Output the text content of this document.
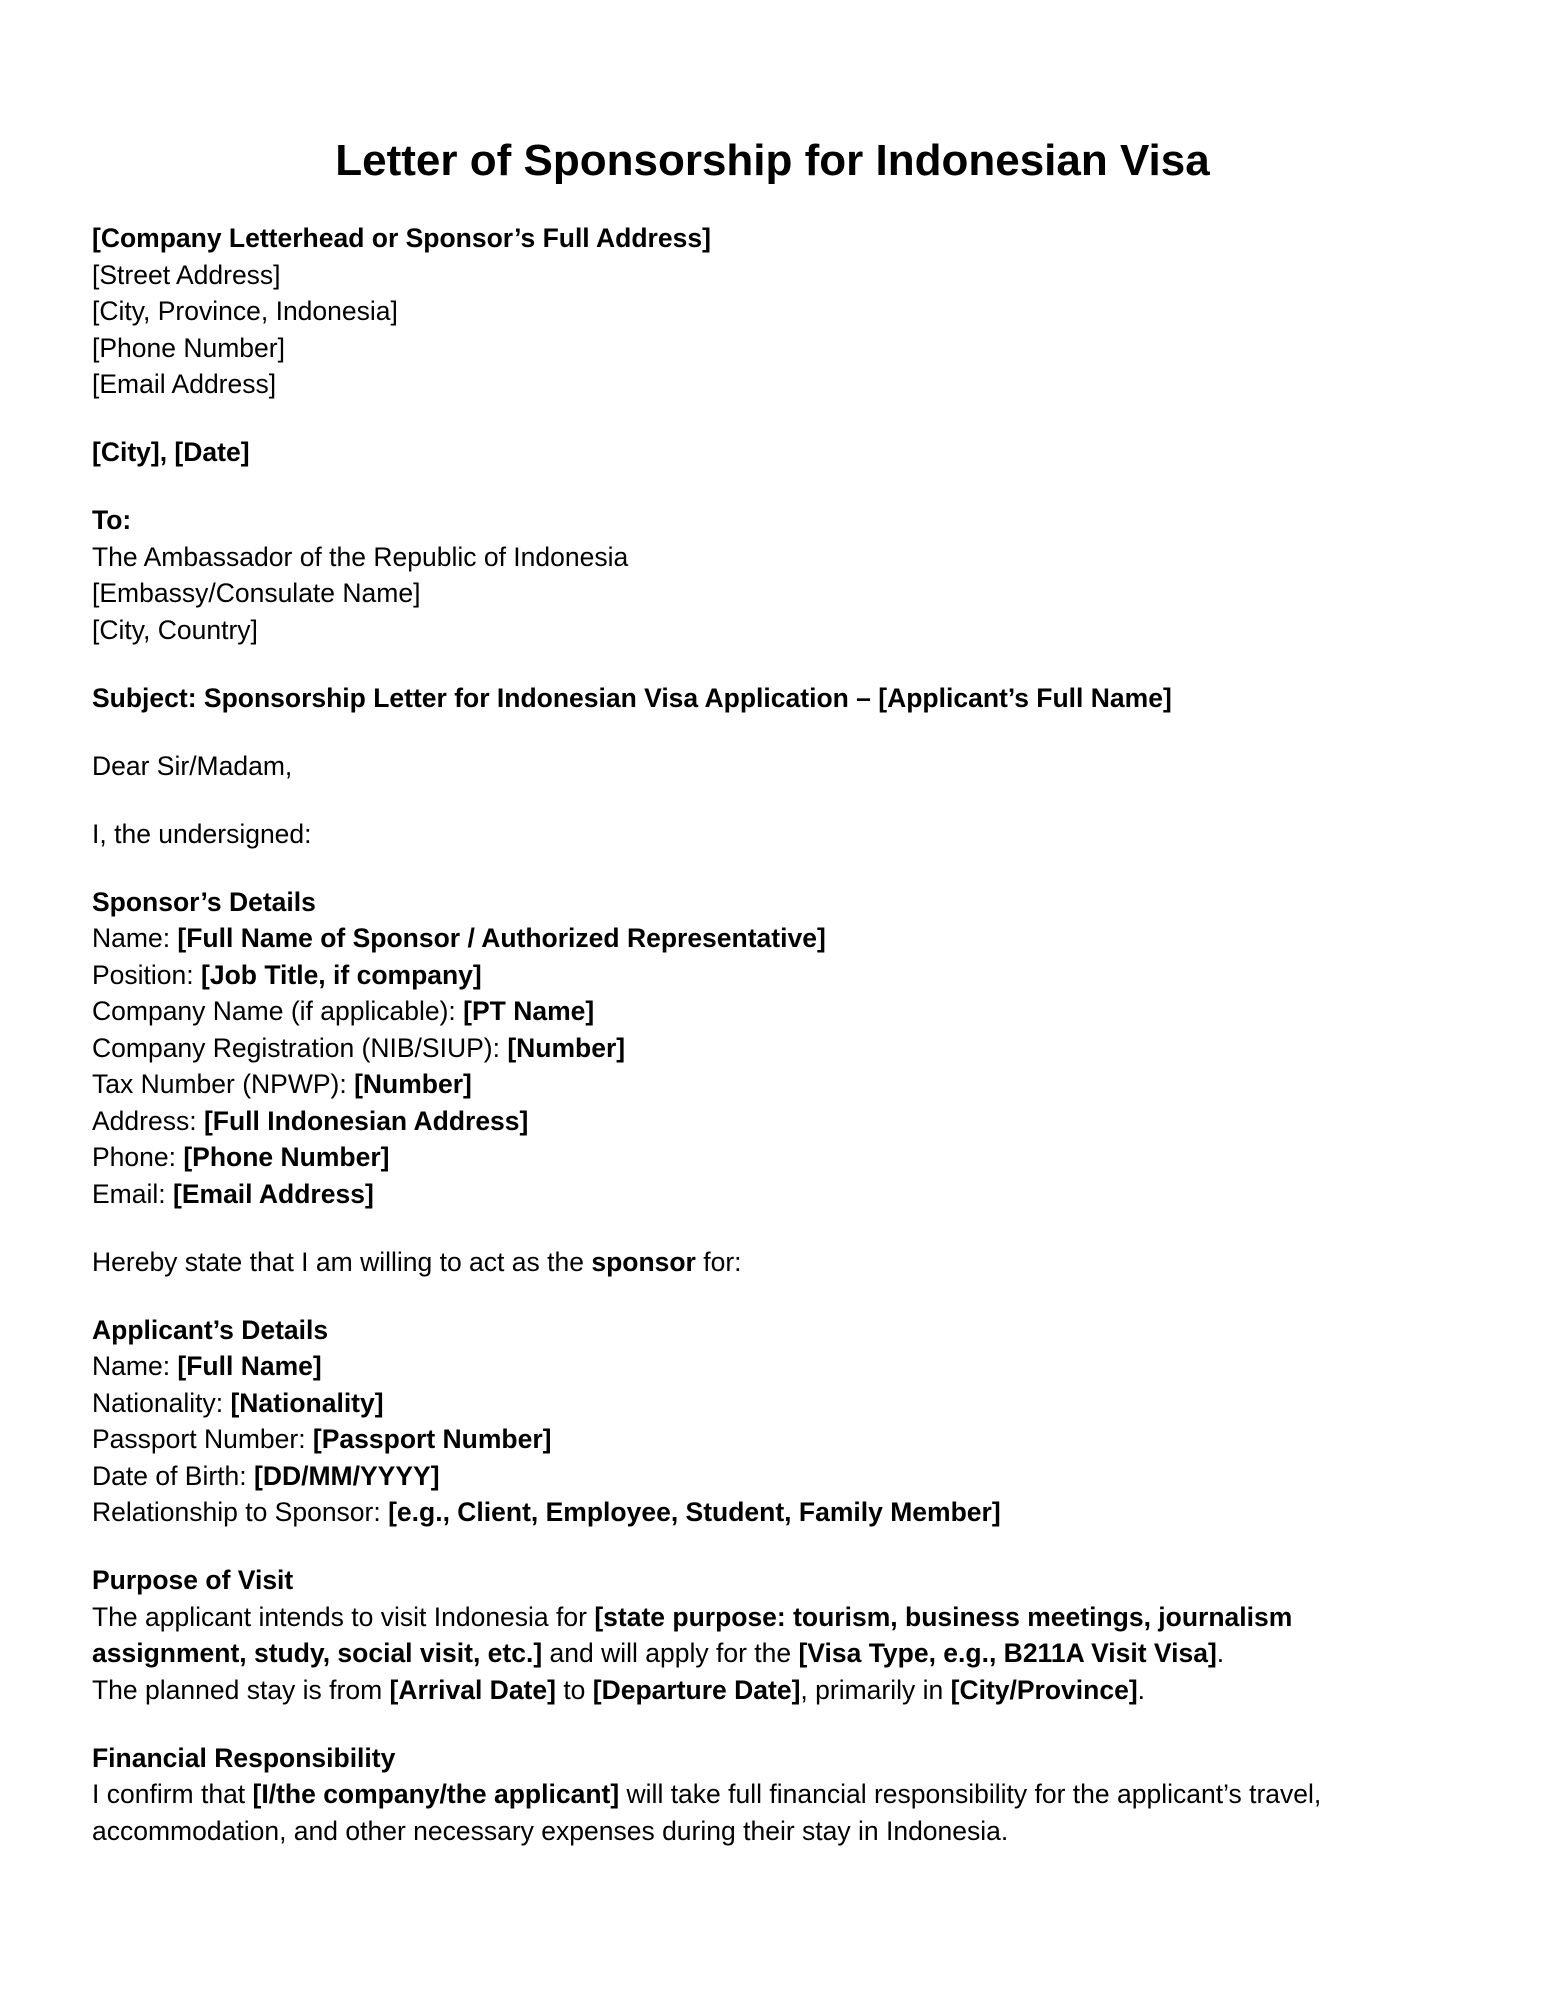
Letter of Sponsorship for Indonesian Visa
[Company Letterhead or Sponsor’s Full Address]
[Street Address]
[City, Province, Indonesia]
[Phone Number]
[Email Address]
[City], [Date]
To:
The Ambassador of the Republic of Indonesia
[Embassy/Consulate Name]
[City, Country]
Subject: Sponsorship Letter for Indonesian Visa Application – [Applicant’s Full Name]
Dear Sir/Madam,
I, the undersigned:
Sponsor’s Details
Name: [Full Name of Sponsor / Authorized Representative]
Position: [Job Title, if company]
Company Name (if applicable): [PT Name]
Company Registration (NIB/SIUP): [Number]
Tax Number (NPWP): [Number]
Address: [Full Indonesian Address]
Phone: [Phone Number]
Email: [Email Address]
Hereby state that I am willing to act as the sponsor for:
Applicant’s Details
Name: [Full Name]
Nationality: [Nationality]
Passport Number: [Passport Number]
Date of Birth: [DD/MM/YYYY]
Relationship to Sponsor: [e.g., Client, Employee, Student, Family Member]
Purpose of Visit
The applicant intends to visit Indonesia for [state purpose: tourism, business meetings, journalism
assignment, study, social visit, etc.] and will apply for the [Visa Type, e.g., B211A Visit Visa].
The planned stay is from [Arrival Date] to [Departure Date], primarily in [City/Province].
Financial Responsibility
I confirm that [I/the company/the applicant] will take full financial responsibility for the applicant’s travel,
accommodation, and other necessary expenses during their stay in Indonesia.
